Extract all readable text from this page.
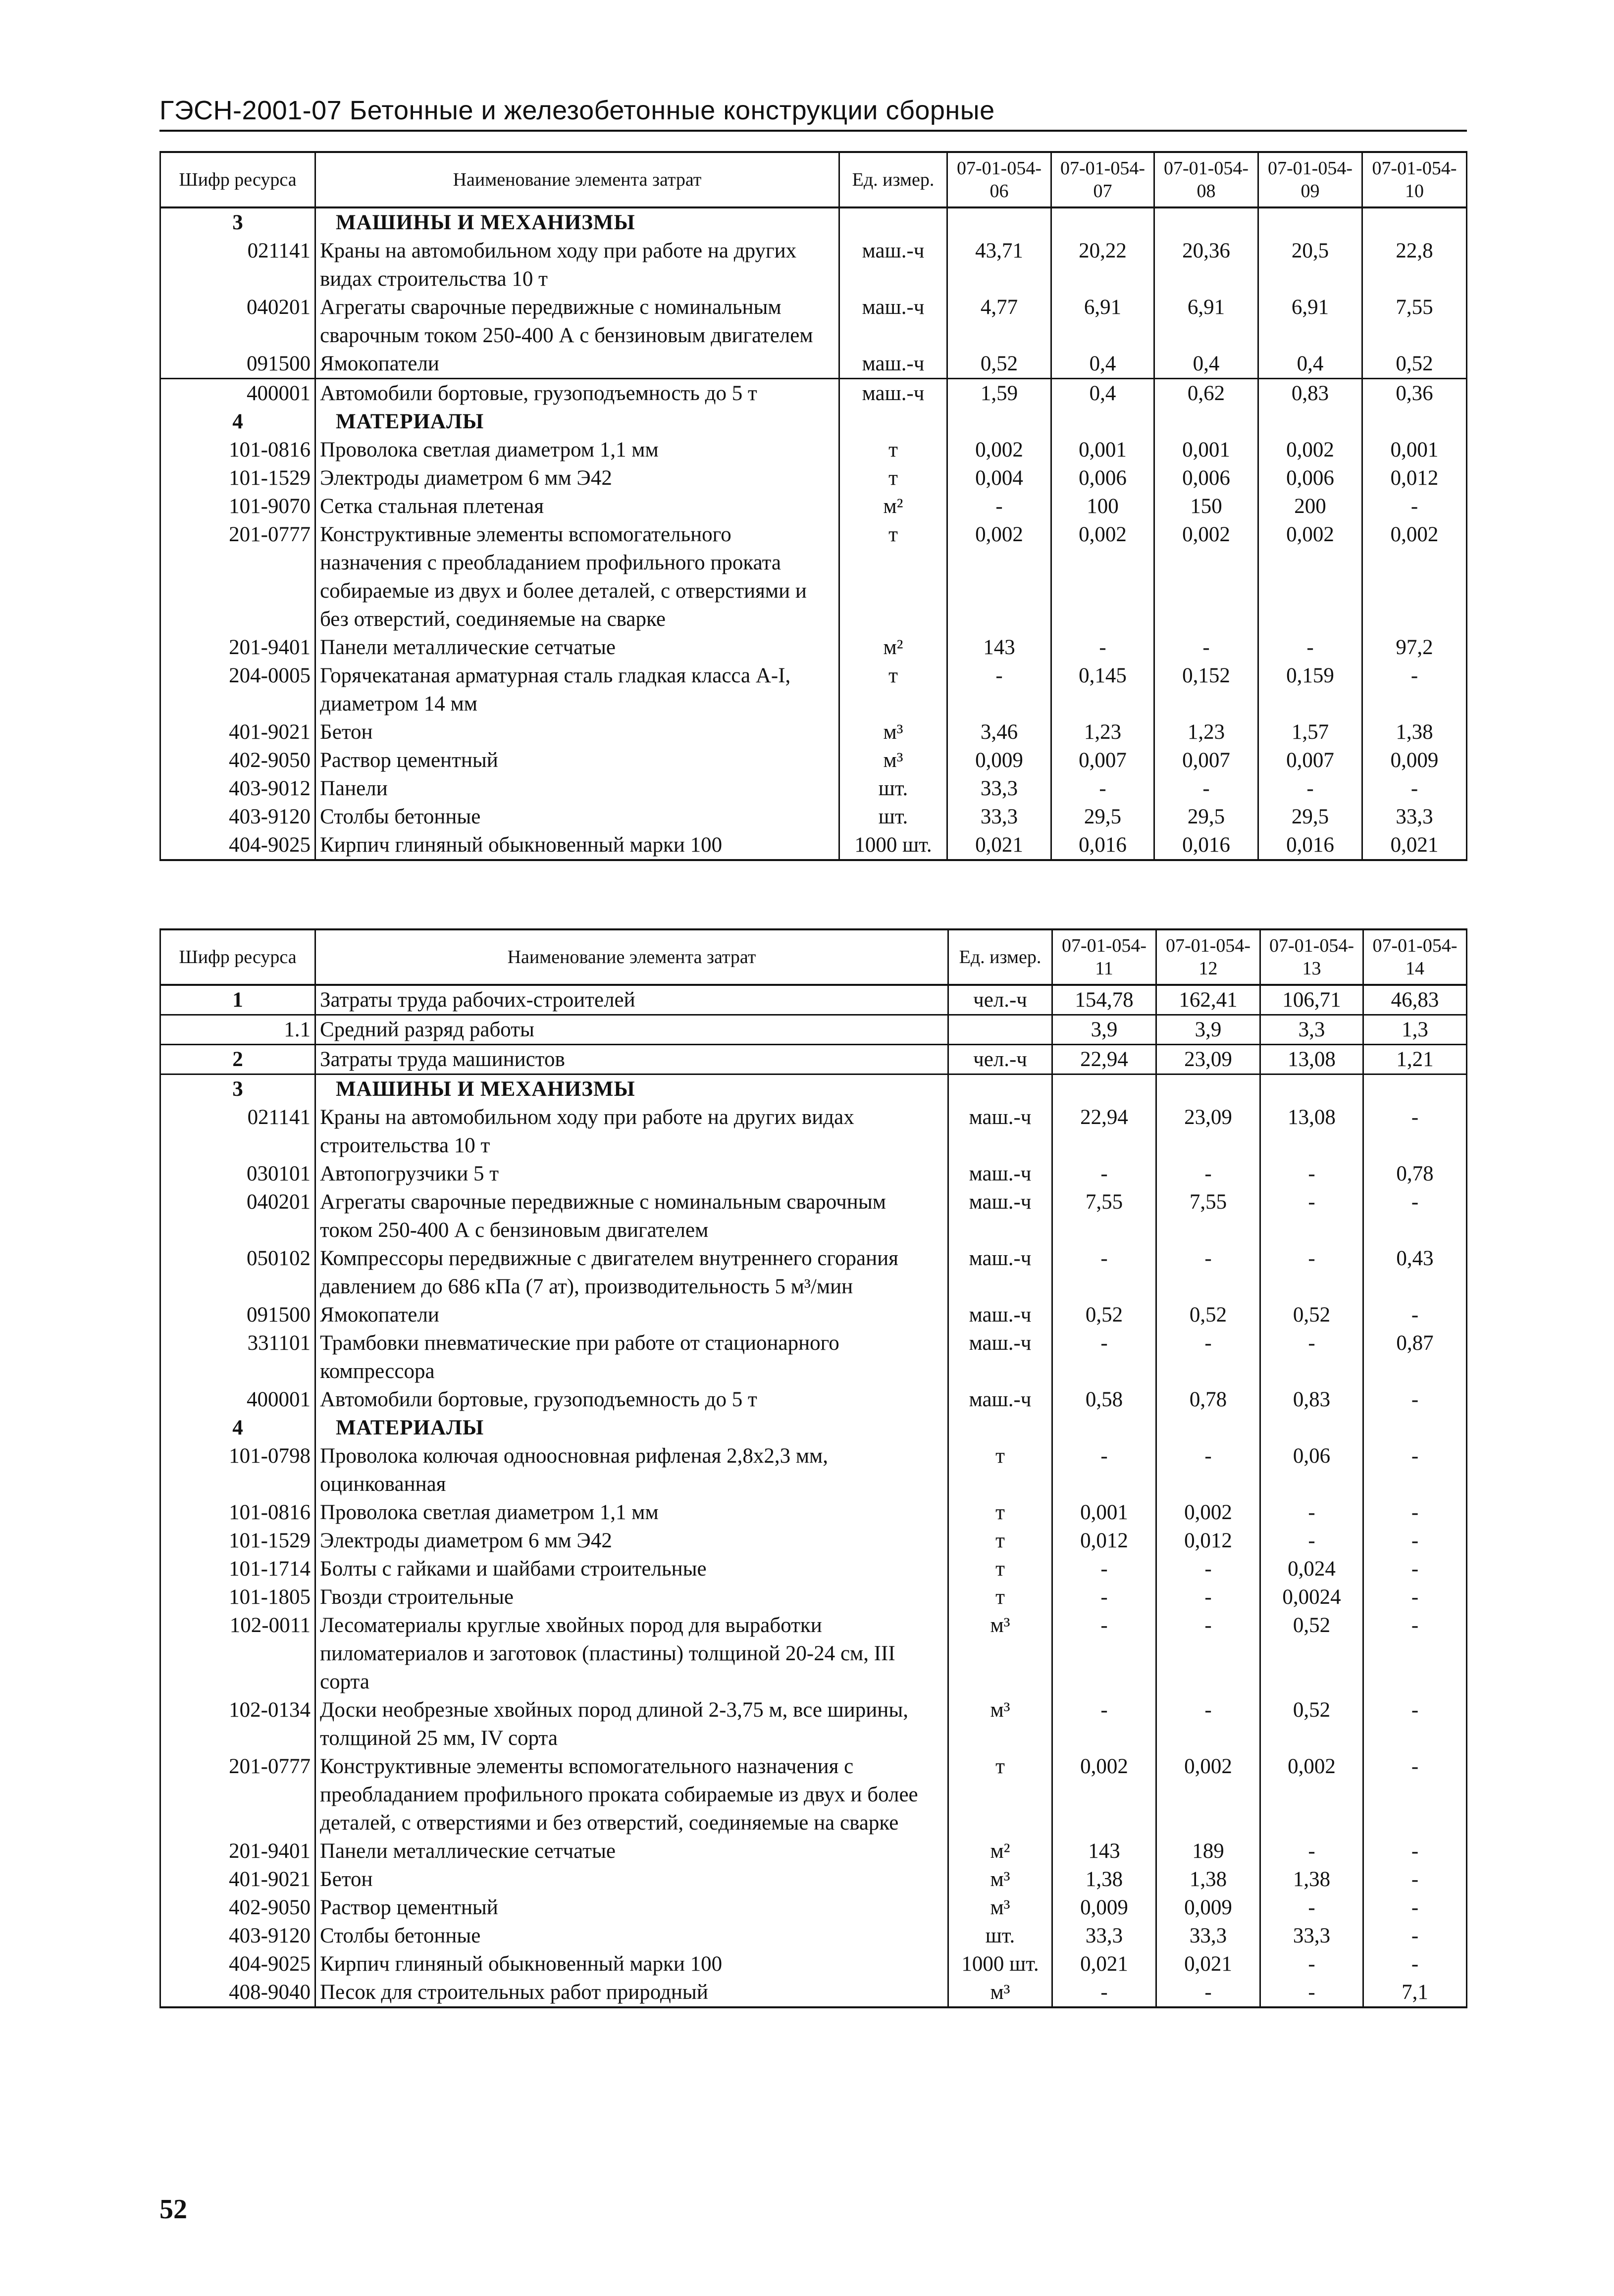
ГЭСН-2001-07 Бетонные и железобетонные конструкции сборные
Шифр ресурса	Наименование элемента затрат	Ед. измер.	07-01-054-06	07-01-054-07	07-01-054-08	07-01-054-09	07-01-054-10
3	МАШИНЫ И МЕХАНИЗМЫ						
021141	Краны на автомобильном ходу при работе на других видах строительства 10 т	маш.-ч	43,71	20,22	20,36	20,5	22,8
040201	Агрегаты сварочные передвижные с номинальным сварочным током 250-400 А с бензиновым двигателем	маш.-ч	4,77	6,91	6,91	6,91	7,55
091500	Ямокопатели	маш.-ч	0,52	0,4	0,4	0,4	0,52
400001	Автомобили бортовые, грузоподъемность до 5 т	маш.-ч	1,59	0,4	0,62	0,83	0,36
4	МАТЕРИАЛЫ						
101-0816	Проволока светлая диаметром 1,1 мм	т	0,002	0,001	0,001	0,002	0,001
101-1529	Электроды диаметром 6 мм Э42	т	0,004	0,006	0,006	0,006	0,012
101-9070	Сетка стальная плетеная	м²	-	100	150	200	-
201-0777	Конструктивные элементы вспомогательного назначения с преобладанием профильного проката собираемые из двух и более деталей, с отверстиями и без отверстий, соединяемые на сварке	т	0,002	0,002	0,002	0,002	0,002
201-9401	Панели металлические сетчатые	м²	143	-	-	-	97,2
204-0005	Горячекатаная арматурная сталь гладкая класса А-I, диаметром 14 мм	т	-	0,145	0,152	0,159	-
401-9021	Бетон	м³	3,46	1,23	1,23	1,57	1,38
402-9050	Раствор цементный	м³	0,009	0,007	0,007	0,007	0,009
403-9012	Панели	шт.	33,3	-	-	-	-
403-9120	Столбы бетонные	шт.	33,3	29,5	29,5	29,5	33,3
404-9025	Кирпич глиняный обыкновенный марки 100	1000 шт.	0,021	0,016	0,016	0,016	0,021
Шифр ресурса	Наименование элемента затрат	Ед. измер.	07-01-054-11	07-01-054-12	07-01-054-13	07-01-054-14
1	Затраты труда рабочих-строителей	чел.-ч	154,78	162,41	106,71	46,83
1.1	Средний разряд работы		3,9	3,9	3,3	1,3
2	Затраты труда машинистов	чел.-ч	22,94	23,09	13,08	1,21
3	МАШИНЫ И МЕХАНИЗМЫ					
021141	Краны на автомобильном ходу при работе на других видах строительства 10 т	маш.-ч	22,94	23,09	13,08	-
030101	Автопогрузчики 5 т	маш.-ч	-	-	-	0,78
040201	Агрегаты сварочные передвижные с номинальным сварочным током 250-400 А с бензиновым двигателем	маш.-ч	7,55	7,55	-	-
050102	Компрессоры передвижные с двигателем внутреннего сгорания давлением до 686 кПа (7 ат), производительность 5 м³/мин	маш.-ч	-	-	-	0,43
091500	Ямокопатели	маш.-ч	0,52	0,52	0,52	-
331101	Трамбовки пневматические при работе от стационарного компрессора	маш.-ч	-	-	-	0,87
400001	Автомобили бортовые, грузоподъемность до 5 т	маш.-ч	0,58	0,78	0,83	-
4	МАТЕРИАЛЫ					
101-0798	Проволока колючая одноосновная рифленая 2,8х2,3 мм, оцинкованная	т	-	-	0,06	-
101-0816	Проволока светлая диаметром 1,1 мм	т	0,001	0,002	-	-
101-1529	Электроды диаметром 6 мм Э42	т	0,012	0,012	-	-
101-1714	Болты с гайками и шайбами строительные	т	-	-	0,024	-
101-1805	Гвозди строительные	т	-	-	0,0024	-
102-0011	Лесоматериалы круглые хвойных пород для выработки пиломатериалов и заготовок (пластины) толщиной 20-24 см, III сорта	м³	-	-	0,52	-
102-0134	Доски необрезные хвойных пород длиной 2-3,75 м, все ширины, толщиной 25 мм, IV сорта	м³	-	-	0,52	-
201-0777	Конструктивные элементы вспомогательного назначения с преобладанием профильного проката собираемые из двух и более деталей, с отверстиями и без отверстий, соединяемые на сварке	т	0,002	0,002	0,002	-
201-9401	Панели металлические сетчатые	м²	143	189	-	-
401-9021	Бетон	м³	1,38	1,38	1,38	-
402-9050	Раствор цементный	м³	0,009	0,009	-	-
403-9120	Столбы бетонные	шт.	33,3	33,3	33,3	-
404-9025	Кирпич глиняный обыкновенный марки 100	1000 шт.	0,021	0,021	-	-
408-9040	Песок для строительных работ природный	м³	-	-	-	7,1
52
